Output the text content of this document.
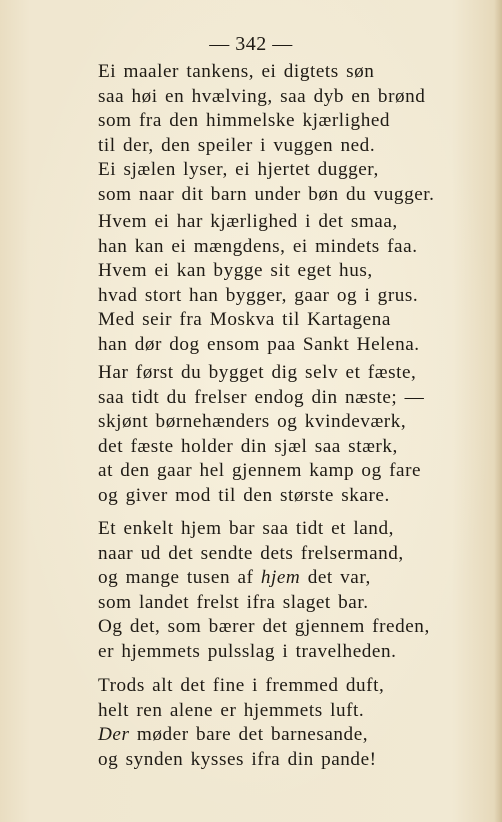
— 342 —
Ei maaler tankens, ei digtets søn
saa høi en hvælving, saa dyb en brønd
som fra den himmelske kjærlighed
til der, den speiler i vuggen ned.
Ei sjælen lyser, ei hjertet dugger,
som naar dit barn under bøn du vugger.
Hvem ei har kjærlighed i det smaa,
han kan ei mængdens, ei mindets faa.
Hvem ei kan bygge sit eget hus,
hvad stort han bygger, gaar og i grus.
Med seir fra Moskva til Kartagena
han dør dog ensom paa Sankt Helena.
Har først du bygget dig selv et fæste,
saa tidt du frelser endog din næste; —
skjønt børnehænders og kvindeværk,
det fæste holder din sjæl saa stærk,
at den gaar hel gjennem kamp og fare
og giver mod til den største skare.
Et enkelt hjem bar saa tidt et land,
naar ud det sendte dets frelsermand,
og mange tusen af hjem det var,
som landet frelst ifra slaget bar.
Og det, som bærer det gjennem freden,
er hjemmets pulsslag i travelheden.
Trods alt det fine i fremmed duft,
helt ren alene er hjemmets luft.
Der møder bare det barnesande,
og synden kysses ifra din pande!
